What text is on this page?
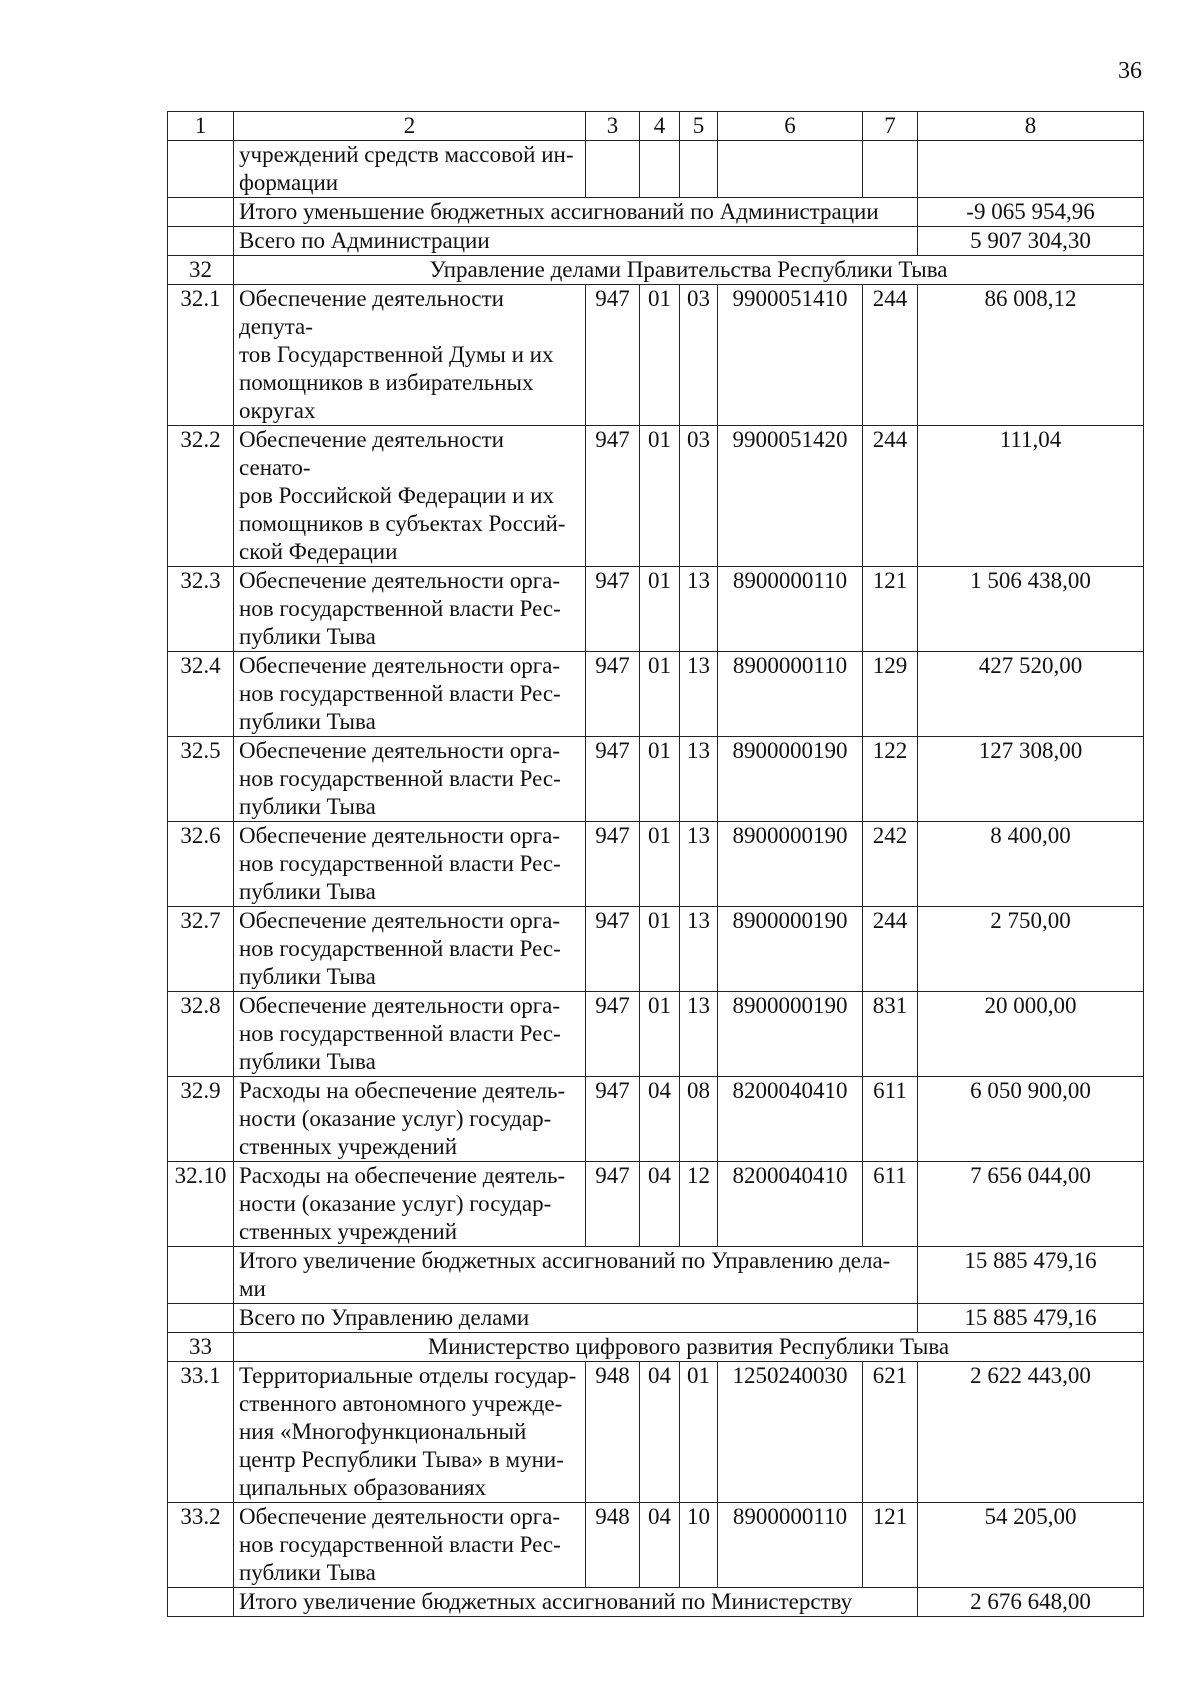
36
1	2	3	4	5	6	7	8
	учреждений средств массовой ин-
формации						
	Итого уменьшение бюджетных ассигнований по Администрации						-9 065 954,96
	Всего по Администрации						5 907 304,30
32	Управление делами Правительства Республики Тыва						
32.1	Обеспечение деятельности депута-
тов Государственной Думы и их
помощников в избирательных
округах	947	01	03	9900051410	244	86 008,12
32.2	Обеспечение деятельности сенато-
ров Российской Федерации и их
помощников в субъектах Россий-
ской Федерации	947	01	03	9900051420	244	111,04
32.3	Обеспечение деятельности орга-
нов государственной власти Рес-
публики Тыва	947	01	13	8900000110	121	1 506 438,00
32.4	Обеспечение деятельности орга-
нов государственной власти Рес-
публики Тыва	947	01	13	8900000110	129	427 520,00
32.5	Обеспечение деятельности орга-
нов государственной власти Рес-
публики Тыва	947	01	13	8900000190	122	127 308,00
32.6	Обеспечение деятельности орга-
нов государственной власти Рес-
публики Тыва	947	01	13	8900000190	242	8 400,00
32.7	Обеспечение деятельности орга-
нов государственной власти Рес-
публики Тыва	947	01	13	8900000190	244	2 750,00
32.8	Обеспечение деятельности орга-
нов государственной власти Рес-
публики Тыва	947	01	13	8900000190	831	20 000,00
32.9	Расходы на обеспечение деятель-
ности (оказание услуг) государ-
ственных учреждений	947	04	08	8200040410	611	6 050 900,00
32.10	Расходы на обеспечение деятель-
ности (оказание услуг) государ-
ственных учреждений	947	04	12	8200040410	611	7 656 044,00
	Итого увеличение бюджетных ассигнований по Управлению дела-
ми						15 885 479,16
	Всего по Управлению делами						15 885 479,16
33	Министерство цифрового развития Республики Тыва						
33.1	Территориальные отделы государ-
ственного автономного учрежде-
ния «Многофункциональный
центр Республики Тыва» в муни-
ципальных образованиях	948	04	01	1250240030	621	2 622 443,00
33.2	Обеспечение деятельности орга-
нов государственной власти Рес-
публики Тыва	948	04	10	8900000110	121	54 205,00
	Итого увеличение бюджетных ассигнований по Министерству						2 676 648,00
